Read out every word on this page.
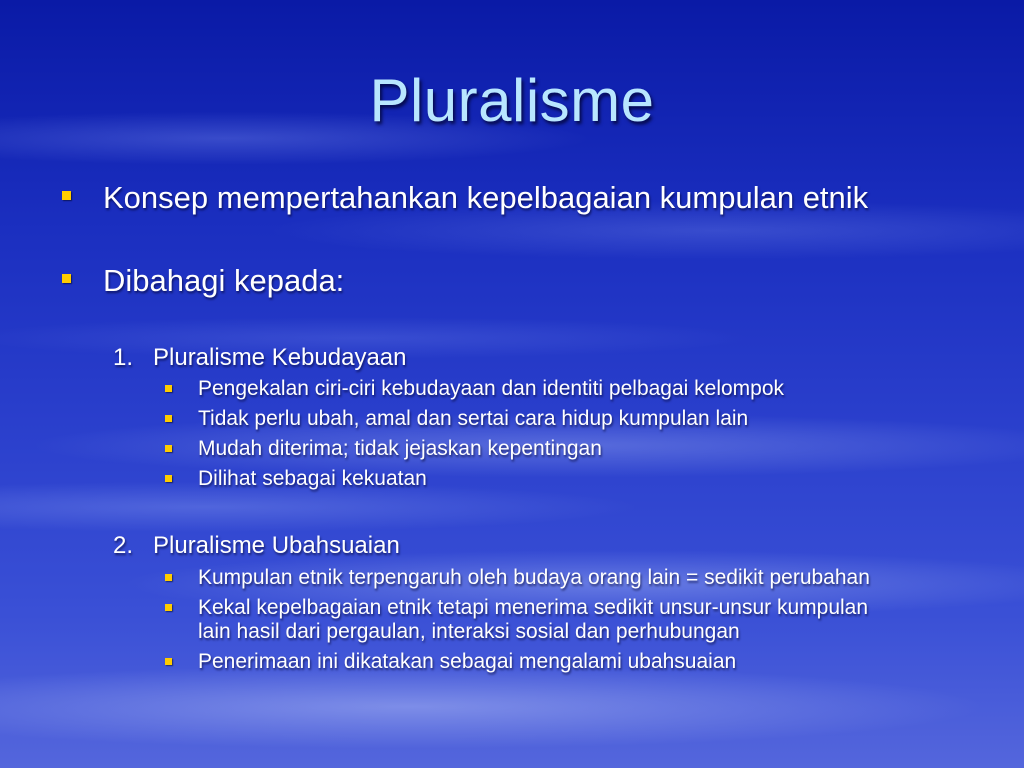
Pluralisme
Konsep mempertahankan kepelbagaian kumpulan etnik
Dibahagi kepada:
1. Pluralisme Kebudayaan
Pengekalan ciri-ciri kebudayaan dan identiti pelbagai kelompok
Tidak perlu ubah, amal dan sertai cara hidup kumpulan lain
Mudah diterima; tidak jejaskan kepentingan
Dilihat sebagai kekuatan
2. Pluralisme Ubahsuaian
Kumpulan etnik terpengaruh oleh budaya orang lain = sedikit perubahan
Kekal kepelbagaian etnik tetapi menerima sedikit unsur-unsur kumpulan lain hasil dari pergaulan, interaksi sosial dan perhubungan
Penerimaan ini dikatakan sebagai mengalami ubahsuaian
